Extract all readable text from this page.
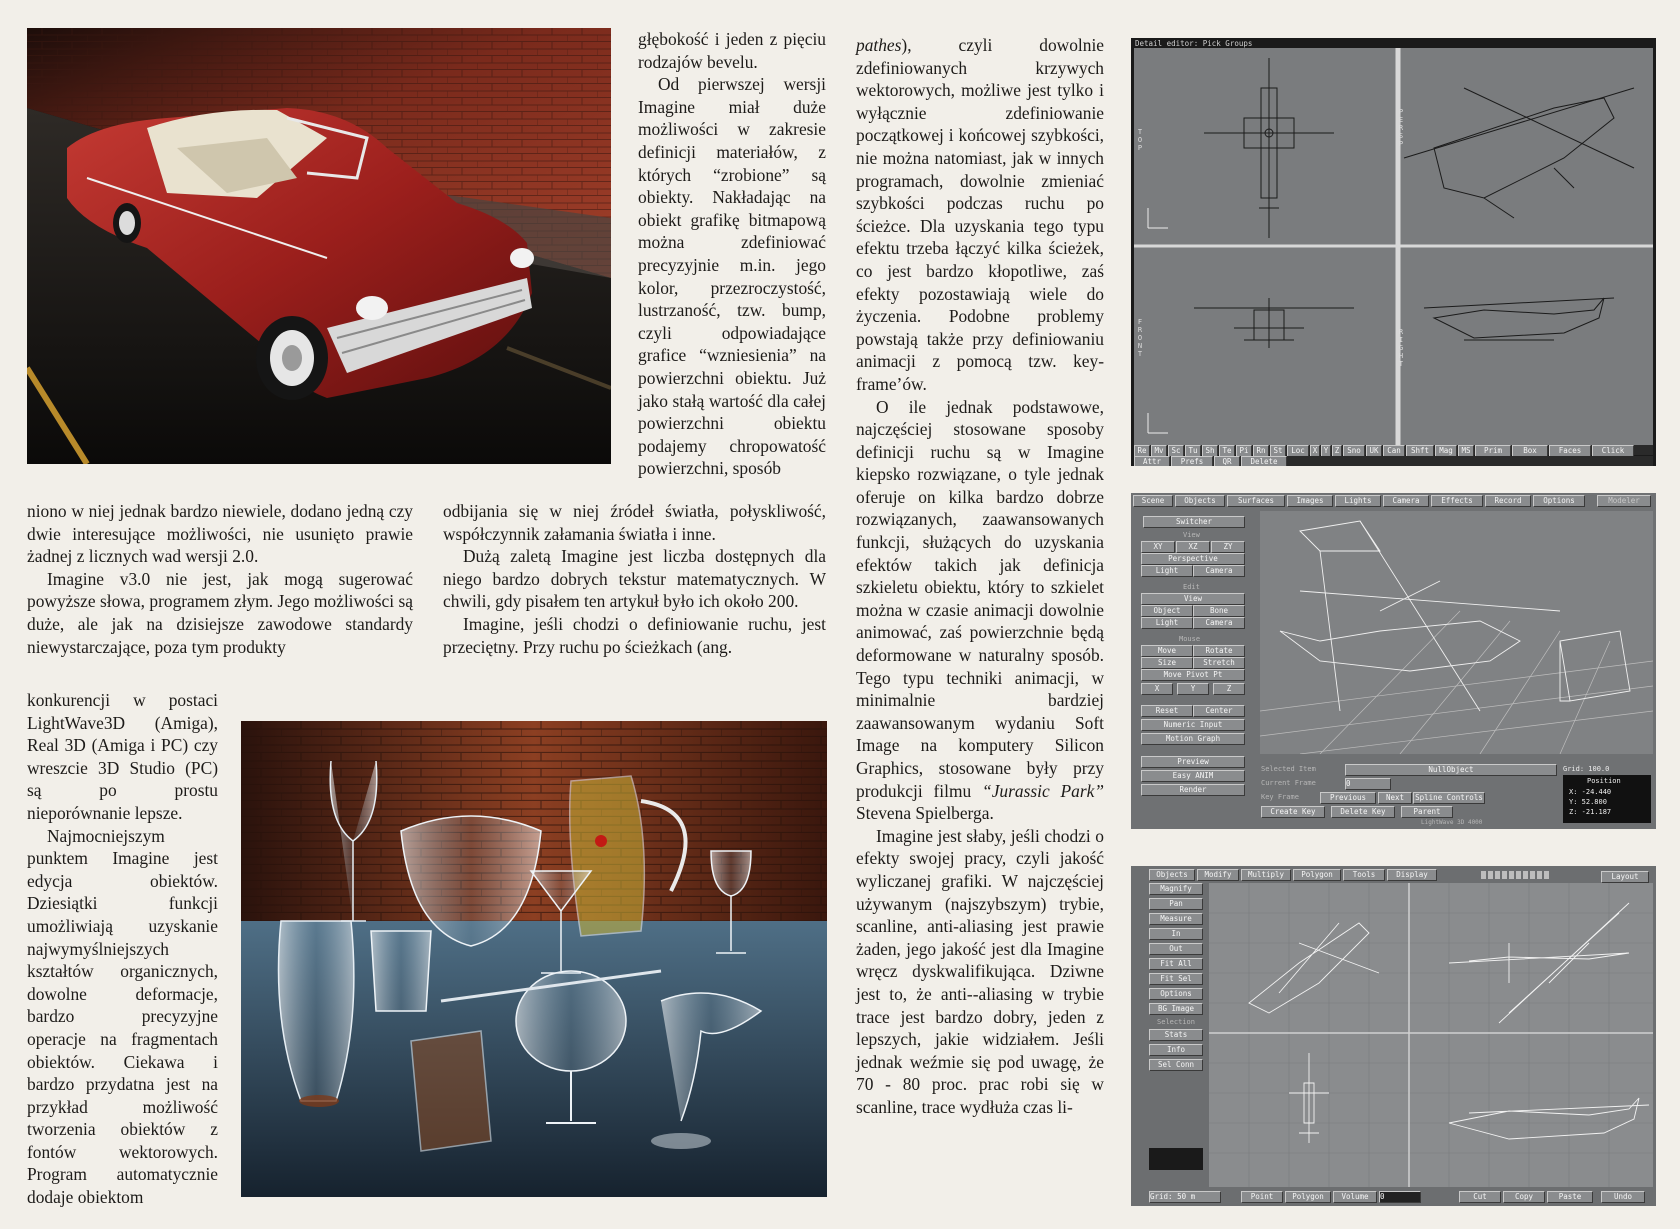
niono w niej jednak bardzo niewiele, dodano jedną czy dwie interesujące możliwości, nie usunięto prawie żadnej z licznych wad wersji 2.0.

Imagine v3.0 nie jest, jak mogą sugerować powyższe słowa, programem złym. Jego możliwości są duże, ale jak na dzisiejsze zawodowe standardy niewystarczające, poza tym produkty

konkurencji w postaci LightWave3D (Amiga), Real 3D (Amiga i PC) czy wreszcie 3D Studio (PC) są po prostu nieporównanie lepsze.

Najmocniejszym punktem Imagine jest edycja obiektów. Dziesiątki funkcji umożliwiają uzyskanie najwymyślniejszych kształtów organicznych, dowolne deformacje, bardzo precyzyjne operacje na fragmentach obiektów. Ciekawa i bardzo przydatna jest na przykład możliwość tworzenia obiektów z fontów wektorowych. Program automatycznie dodaje obiektom

głębokość i jeden z pięciu rodzajów bevelu.

Od pierwszej wersji Imagine miał duże możliwości w zakresie definicji materiałów, z których “zrobione” są obiekty. Nakładając na obiekt grafikę bitmapową można zdefiniować precyzyjnie m.in. jego kolor, przezroczystość, lustrzaność, tzw. bump, czyli odpowiadające grafice “wzniesienia” na powierzchni obiektu. Już jako stałą wartość dla całej powierzchni obiektu podajemy chropowatość powierzchni, sposób

odbijania się w niej źródeł światła, połyskliwość, współczynnik załamania światła i inne.

Dużą zaletą Imagine jest liczba dostępnych dla niego bardzo dobrych tekstur matematycznych. W chwili, gdy pisałem ten artykuł było ich około 200.

Imagine, jeśli chodzi o definiowanie ruchu, jest przeciętny. Przy ruchu po ścieżkach (ang.

pathes), czyli dowolnie zdefiniowanych krzywych wektorowych, możliwe jest tylko i wyłącznie zdefiniowanie początkowej i końcowej szybkości, nie można natomiast, jak w innych programach, dowolnie zmieniać szybkości podczas ruchu po ścieżce. Dla uzyskania tego typu efektu trzeba łączyć kilka ścieżek, co jest bardzo kłopotliwe, zaś efekty pozostawiają wiele do życzenia. Podobne problemy powstają także przy definiowaniu animacji z pomocą tzw. key-frame’ów.

O ile jednak podstawowe, najczęściej stosowane sposoby definicji ruchu są w Imagine kiepsko rozwiązane, o tyle jednak oferuje on kilka bardzo dobrze rozwiązanych, zaawansowanych funkcji, służących do uzyskania efektów takich jak definicja szkieletu obiektu, który to szkielet można w czasie animacji dowolnie animować, zaś powierzchnie będą deformowane w naturalny sposób. Tego typu techniki animacji, w minimalnie bardziej zaawansowanym wydaniu Soft Image na komputery Silicon Graphics, stosowane były przy produkcji filmu “Jurassic Park” Stevena Spielberga.

Imagine jest słaby, jeśli chodzi o efekty swojej pracy, czyli jakość wyliczanej grafiki. W najczęściej używanym (najszybszym) trybie, scanline, anti-aliasing jest prawie żaden, jego jakość jest dla Imagine wręcz dyskwalifikująca. Dziwne jest to, że anti--aliasing w trybie trace jest bardzo dobry, jeden z lepszych, jakie widziałem. Jeśli jednak weźmie się pod uwagę, że 70 - 80 proc. prac robi się w scanline, trace wydłuża czas li-

Detail editor: Pick Groups
TOP
PERSP
FRONT
RIGHT
Re	Mv	Sc	Tu	Sh	Te	Pi	Rn	St	Loc	X Y Z	Sno	UK	Can	Shft	Mag	MS	Prim	Box	Faces	Click
Attr	Prefs	QR	Delete
Scene	Objects	Surfaces	Images	Lights	Camera	Effects	Record	Options	Modeler
Switcher
View
XY	XZ	ZY
Perspective
Light	Camera
Edit
View
Object	Bone
Light	Camera
Mouse
Move	Rotate
Size	Stretch
Move Pivot Pt
X	Y	Z
Reset	Center
Numeric Input
Motion Graph
Preview
Easy ANIM
Render
Selected Item	NullObject
Current Frame	0
Key Frame	Previous	Next	Spline Controls
Create Key	Delete Key	Parent
Grid: 100.0
Position
X: -24.440
Y: 52.800
Z: -21.187
LightWave 3D 4000
Objects	Modify	Multiply	Polygon	Tools	Display	Layout
Magnify
Pan
Measure
In
Out
Fit All
Fit Sel
Options
BG Image
Selection
Stats
Info
Sel Conn
Grid: 50 m	Point	Polygon	Volume	0	Cut	Copy	Paste	Undo
